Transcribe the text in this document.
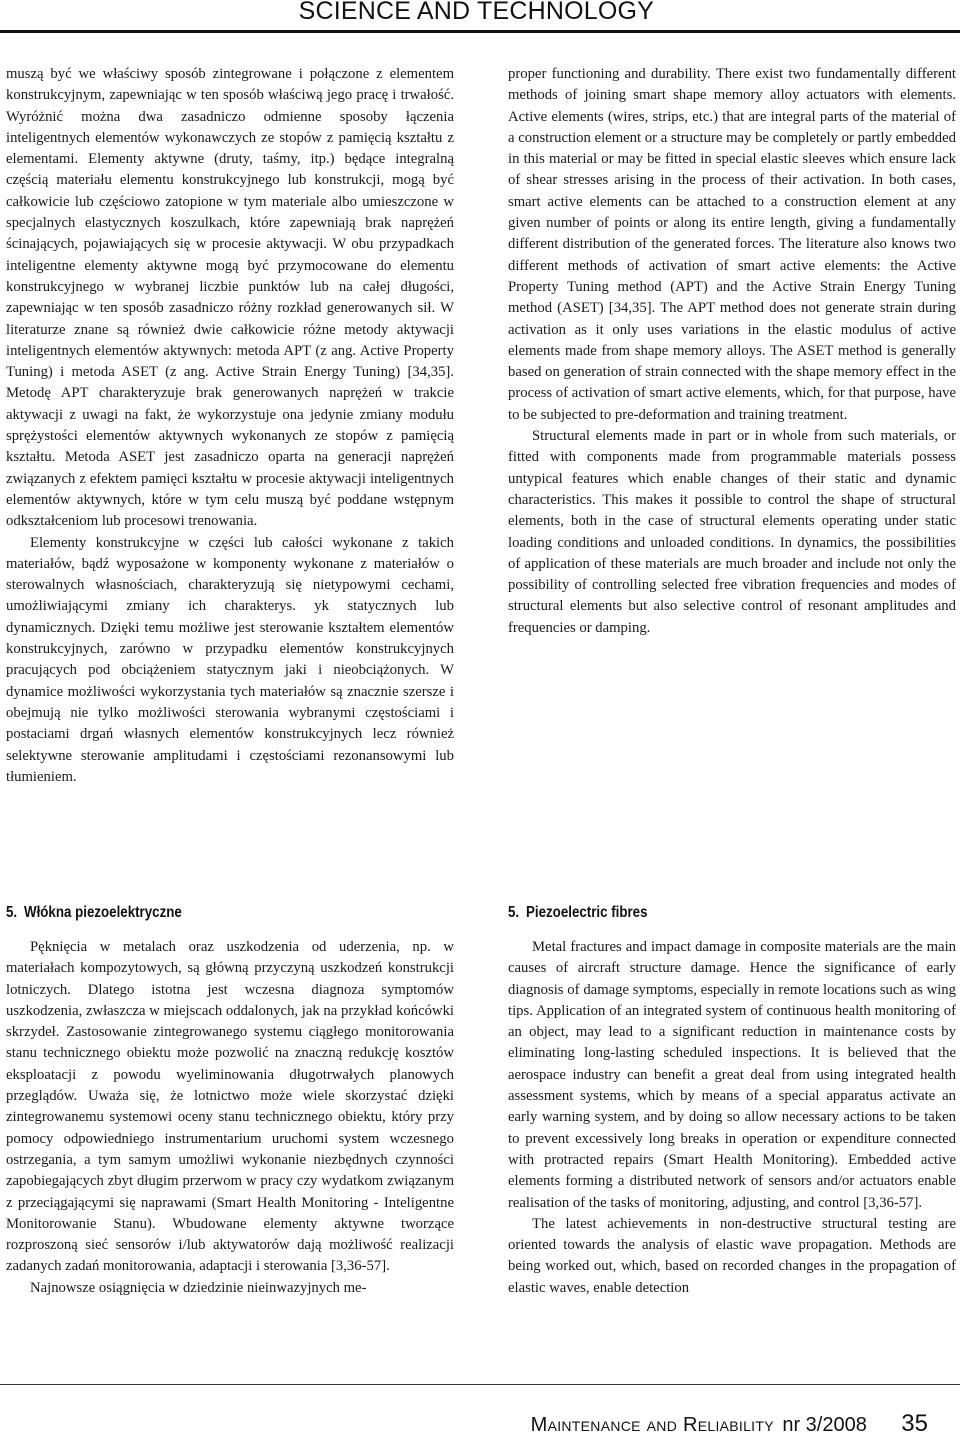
SCIENCE AND TECHNOLOGY

muszą być we właściwy sposób zintegrowane i połączone z elementem konstrukcyjnym, zapewniając w ten sposób właściwą jego pracę i trwałość. Wyróżnić można dwa zasadniczo odmienne sposoby łączenia inteligentnych elementów wykonawczych ze stopów z pamięcią kształtu z elementami. Elementy aktywne (druty, taśmy, itp.) będące integralną częścią materiału elementu konstrukcyjnego lub konstrukcji, mogą być całkowicie lub częściowo zatopione w tym materiale albo umieszczone w specjalnych elastycznych koszulkach, które zapewniają brak naprężeń ścinających, pojawiających się w procesie aktywacji. W obu przypadkach inteligentne elementy aktywne mogą być przymocowane do elementu konstrukcyjnego w wybranej liczbie punktów lub na całej długości, zapewniając w ten sposób zasadniczo różny rozkład generowanych sił. W literaturze znane są również dwie całkowicie różne metody aktywacji inteligentnych elementów aktywnych: metoda APT (z ang. Active Property Tuning) i metoda ASET (z ang. Active Strain Energy Tuning) [34,35]. Metodę APT charakteryzuje brak generowanych naprężeń w trakcie aktywacji z uwagi na fakt, że wykorzystuje ona jedynie zmiany modułu sprężystości elementów aktywnych wykonanych ze stopów z pamięcią kształtu. Metoda ASET jest zasadniczo oparta na generacji naprężeń związanych z efektem pamięci kształtu w procesie aktywacji inteligentnych elementów aktywnych, które w tym celu muszą być poddane wstępnym odkształceniom lub procesowi trenowania.

Elementy konstrukcyjne w części lub całości wykonane z takich materiałów, bądź wyposażone w komponenty wykonane z materiałów o sterowalnych własnościach, charakteryzują się nietypowymi cechami, umożliwiającymi zmiany ich charakterys. yk statycznych lub dynamicznych. Dzięki temu możliwe jest sterowanie kształtem elementów konstrukcyjnych, zarówno w przypadku elementów konstrukcyjnych pracujących pod obciążeniem statycznym jaki i nieobciążonych. W dynamice możliwości wykorzystania tych materiałów są znacznie szersze i obejmują nie tylko możliwości sterowania wybranymi częstościami i postaciami drgań własnych elementów konstrukcyjnych lecz również selektywne sterowanie amplitudami i częstościami rezonansowymi lub tłumieniem.

proper functioning and durability. There exist two fundamentally different methods of joining smart shape memory alloy actuators with elements. Active elements (wires, strips, etc.) that are integral parts of the material of a construction element or a structure may be completely or partly embedded in this material or may be fitted in special elastic sleeves which ensure lack of shear stresses arising in the process of their activation. In both cases, smart active elements can be attached to a construction element at any given number of points or along its entire length, giving a fundamentally different distribution of the generated forces. The literature also knows two different methods of activation of smart active elements: the Active Property Tuning method (APT) and the Active Strain Energy Tuning method (ASET) [34,35]. The APT method does not generate strain during activation as it only uses variations in the elastic modulus of active elements made from shape memory alloys. The ASET method is generally based on generation of strain connected with the shape memory effect in the process of activation of smart active elements, which, for that purpose, have to be subjected to pre-deformation and training treatment.

Structural elements made in part or in whole from such materials, or fitted with components made from programmable materials possess untypical features which enable changes of their static and dynamic characteristics. This makes it possible to control the shape of structural elements, both in the case of structural elements operating under static loading conditions and unloaded conditions. In dynamics, the possibilities of application of these materials are much broader and include not only the possibility of controlling selected free vibration frequencies and modes of structural elements but also selective control of resonant amplitudes and frequencies or damping.

5. Włókna piezoelektryczne	5. Piezoelectric fibres

Pęknięcia w metalach oraz uszkodzenia od uderzenia, np. w materiałach kompozytowych, są główną przyczyną uszkodzeń konstrukcji lotniczych. Dlatego istotna jest wczesna diagnoza symptomów uszkodzenia, zwłaszcza w miejscach oddalonych, jak na przykład końcówki skrzydeł. Zastosowanie zintegrowanego systemu ciągłego monitorowania stanu technicznego obiektu może pozwolić na znaczną redukcję kosztów eksploatacji z powodu wyeliminowania długotrwałych planowych przeglądów. Uważa się, że lotnictwo może wiele skorzystać dzięki zintegrowanemu systemowi oceny stanu technicznego obiektu, który przy pomocy odpowiedniego instrumentarium uruchomi system wczesnego ostrzegania, a tym samym umożliwi wykonanie niezbędnych czynności zapobiegających zbyt długim przerwom w pracy czy wydatkom związanym z przeciągającymi się naprawami (Smart Health Monitoring - Inteligentne Monitorowanie Stanu). Wbudowane elementy aktywne tworzące rozproszoną sieć sensorów i/lub aktywatorów dają możliwość realizacji zadanych zadań monitorowania, adaptacji i sterowania [3,36-57].

Najnowsze osiągnięcia w dziedzinie nieinwazyjnych me-

Metal fractures and impact damage in composite materials are the main causes of aircraft structure damage. Hence the significance of early diagnosis of damage symptoms, especially in remote locations such as wing tips. Application of an integrated system of continuous health monitoring of an object, may lead to a significant reduction in maintenance costs by eliminating long-lasting scheduled inspections. It is believed that the aerospace industry can benefit a great deal from using integrated health assessment systems, which by means of a special apparatus activate an early warning system, and by doing so allow necessary actions to be taken to prevent excessively long breaks in operation or expenditure connected with protracted repairs (Smart Health Monitoring). Embedded active elements forming a distributed network of sensors and/or actuators enable realisation of the tasks of monitoring, adjusting, and control [3,36-57].

The latest achievements in non-destructive structural testing are oriented towards the analysis of elastic wave propagation. Methods are being worked out, which, based on recorded changes in the propagation of elastic waves, enable detection

Maintenance and Reliability nr 3/2008 35
